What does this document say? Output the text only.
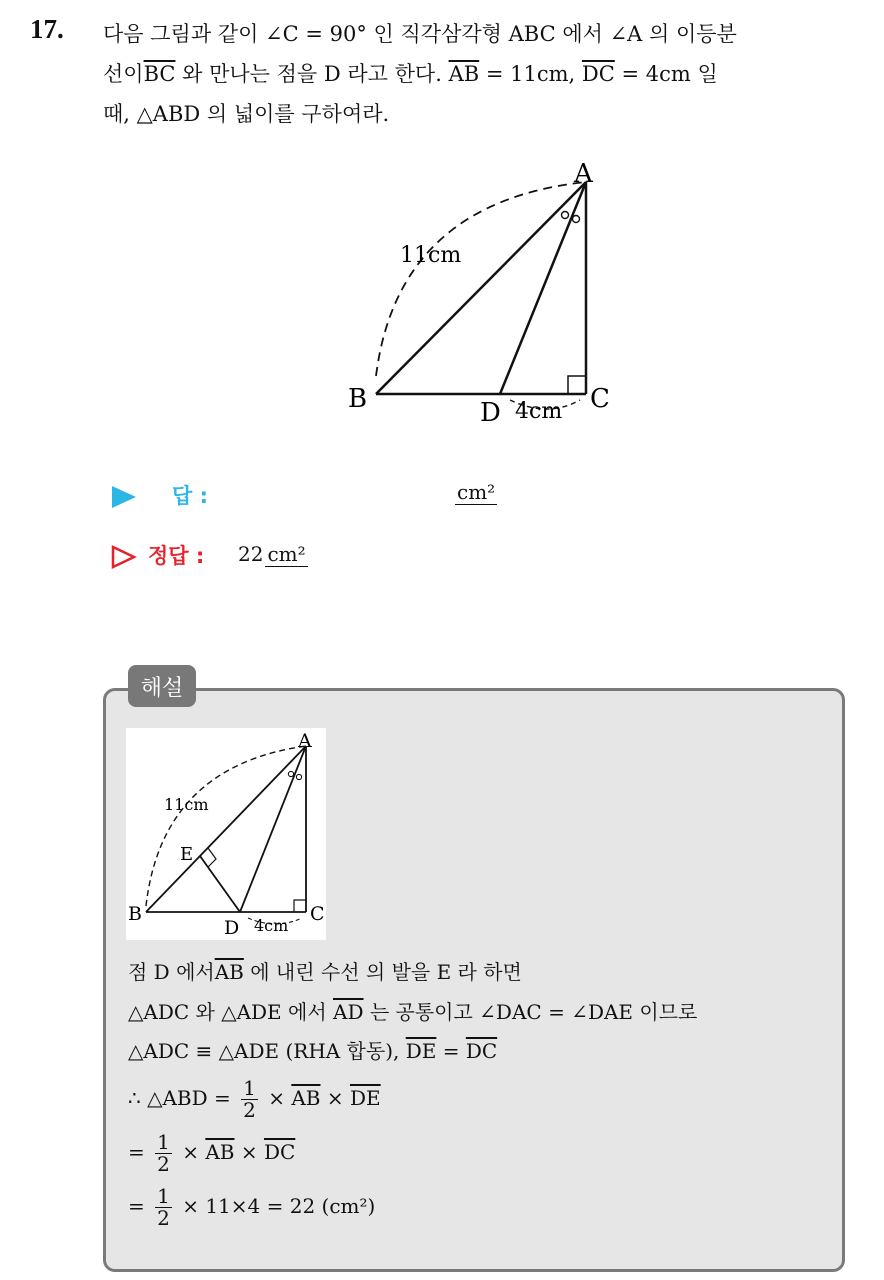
17. 다음 그림과 같이 ∠C = 90° 인 직각삼각형 ABC 에서 ∠A 의 이등분
선이$\overline{BC}$ 와 만나는 점을 D 라고 한다. $\overline{AB} = 11cm$, $\overline{DC} = 4cm$ 일
때, △ABD 의 넓이를 구하여라.
A
B	C
D
11cm
4cm
답 :	cm²
정답 : 22 cm²
해설
A
B	C
D
E
11cm
4cm
점 D 에서$\overline{AB}$ 에 내린 수선 의 발을 E 라 하면
△ADC 와 △ADE 에서 $\overline{AD}$ 는 공통이고 ∠DAC = ∠DAE 이므로
△ADC ≡ △ADE (RHA 합동), $\overline{DE} = \overline{DC}$
∴ △ABD = $\frac{1}{2} \times \overline{AB} \times \overline{DE}$
= $\frac{1}{2} \times \overline{AB} \times \overline{DC}$
= $\frac{1}{2} \times 11\times 4 = 22$ (cm²)
